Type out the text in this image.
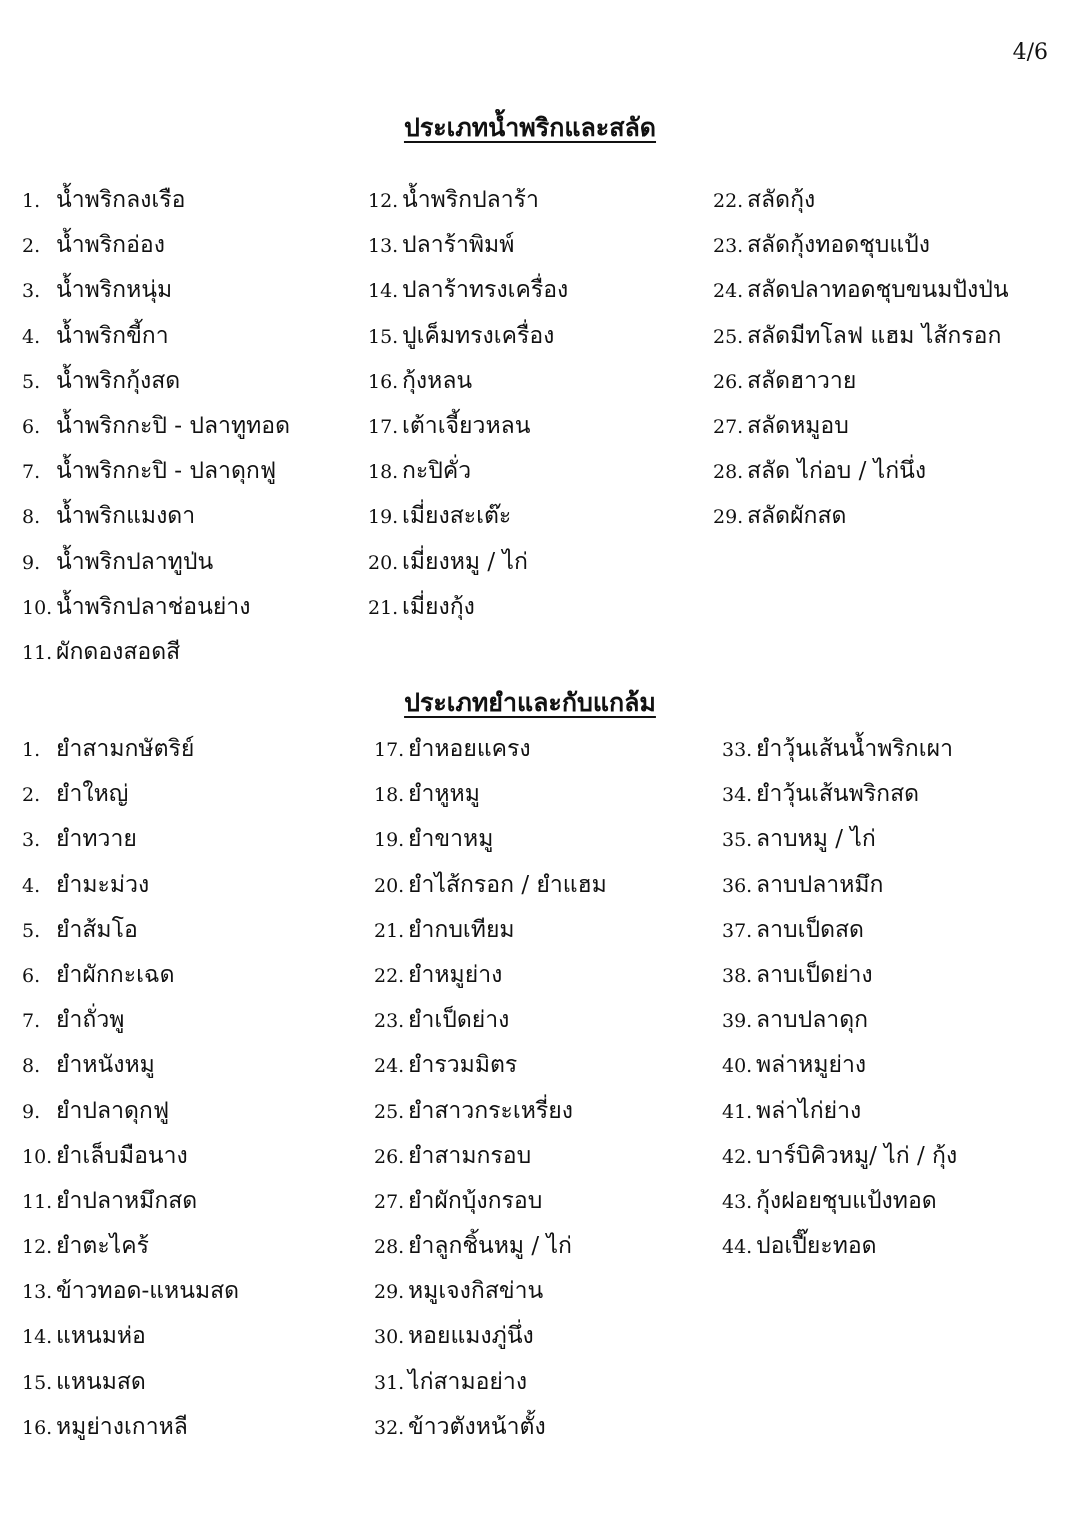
4/6
ประเภทน้ำพริกและสลัด
1. น้ำพริกลงเรือ
2. น้ำพริกอ่อง
3. น้ำพริกหนุ่ม
4. น้ำพริกขี้กา
5. น้ำพริกกุ้งสด
6. น้ำพริกกะปิ - ปลาทูทอด
7. น้ำพริกกะปิ - ปลาดุกฟู
8. น้ำพริกแมงดา
9. น้ำพริกปลาทูป่น
10. น้ำพริกปลาช่อนย่าง
11. ผักดองสอดสี
12. น้ำพริกปลาร้า
13. ปลาร้าพิมพ์
14. ปลาร้าทรงเครื่อง
15. ปูเค็มทรงเครื่อง
16. กุ้งหลน
17. เต้าเจี้ยวหลน
18. กะปิคั่ว
19. เมี่ยงสะเต๊ะ
20. เมี่ยงหมู / ไก่
21. เมี่ยงกุ้ง
22. สลัดกุ้ง
23. สลัดกุ้งทอดชุบแป้ง
24. สลัดปลาทอดชุบขนมปังป่น
25. สลัดมีทโลฟ แฮม ไส้กรอก
26. สลัดฮาวาย
27. สลัดหมูอบ
28. สลัด ไก่อบ / ไก่นึ่ง
29. สลัดผักสด
ประเภทยำและกับแกล้ม
1. ยำสามกษัตริย์
2. ยำใหญ่
3. ยำทวาย
4. ยำมะม่วง
5. ยำส้มโอ
6. ยำผักกะเฉด
7. ยำถั่วพู
8. ยำหนังหมู
9. ยำปลาดุกฟู
10. ยำเล็บมือนาง
11. ยำปลาหมึกสด
12. ยำตะไคร้
13. ข้าวทอด-แหนมสด
14. แหนมห่อ
15. แหนมสด
16. หมูย่างเกาหลี
17. ยำหอยแครง
18. ยำหูหมู
19. ยำขาหมู
20. ยำไส้กรอก / ยำแฮม
21. ยำกบเทียม
22. ยำหมูย่าง
23. ยำเป็ดย่าง
24. ยำรวมมิตร
25. ยำสาวกระเหรี่ยง
26. ยำสามกรอบ
27. ยำผักบุ้งกรอบ
28. ยำลูกชิ้นหมู / ไก่
29. หมูเจงกิสข่าน
30. หอยแมงภู่นึ่ง
31. ไก่สามอย่าง
32. ข้าวตังหน้าตั้ง
33. ยำวุ้นเส้นน้ำพริกเผา
34. ยำวุ้นเส้นพริกสด
35. ลาบหมู / ไก่
36. ลาบปลาหมึก
37. ลาบเป็ดสด
38. ลาบเป็ดย่าง
39. ลาบปลาดุก
40. พล่าหมูย่าง
41. พล่าไก่ย่าง
42. บาร์บิคิวหมู/ ไก่ / กุ้ง
43. กุ้งฝอยชุบแป้งทอด
44. ปอเปี๊ยะทอด
